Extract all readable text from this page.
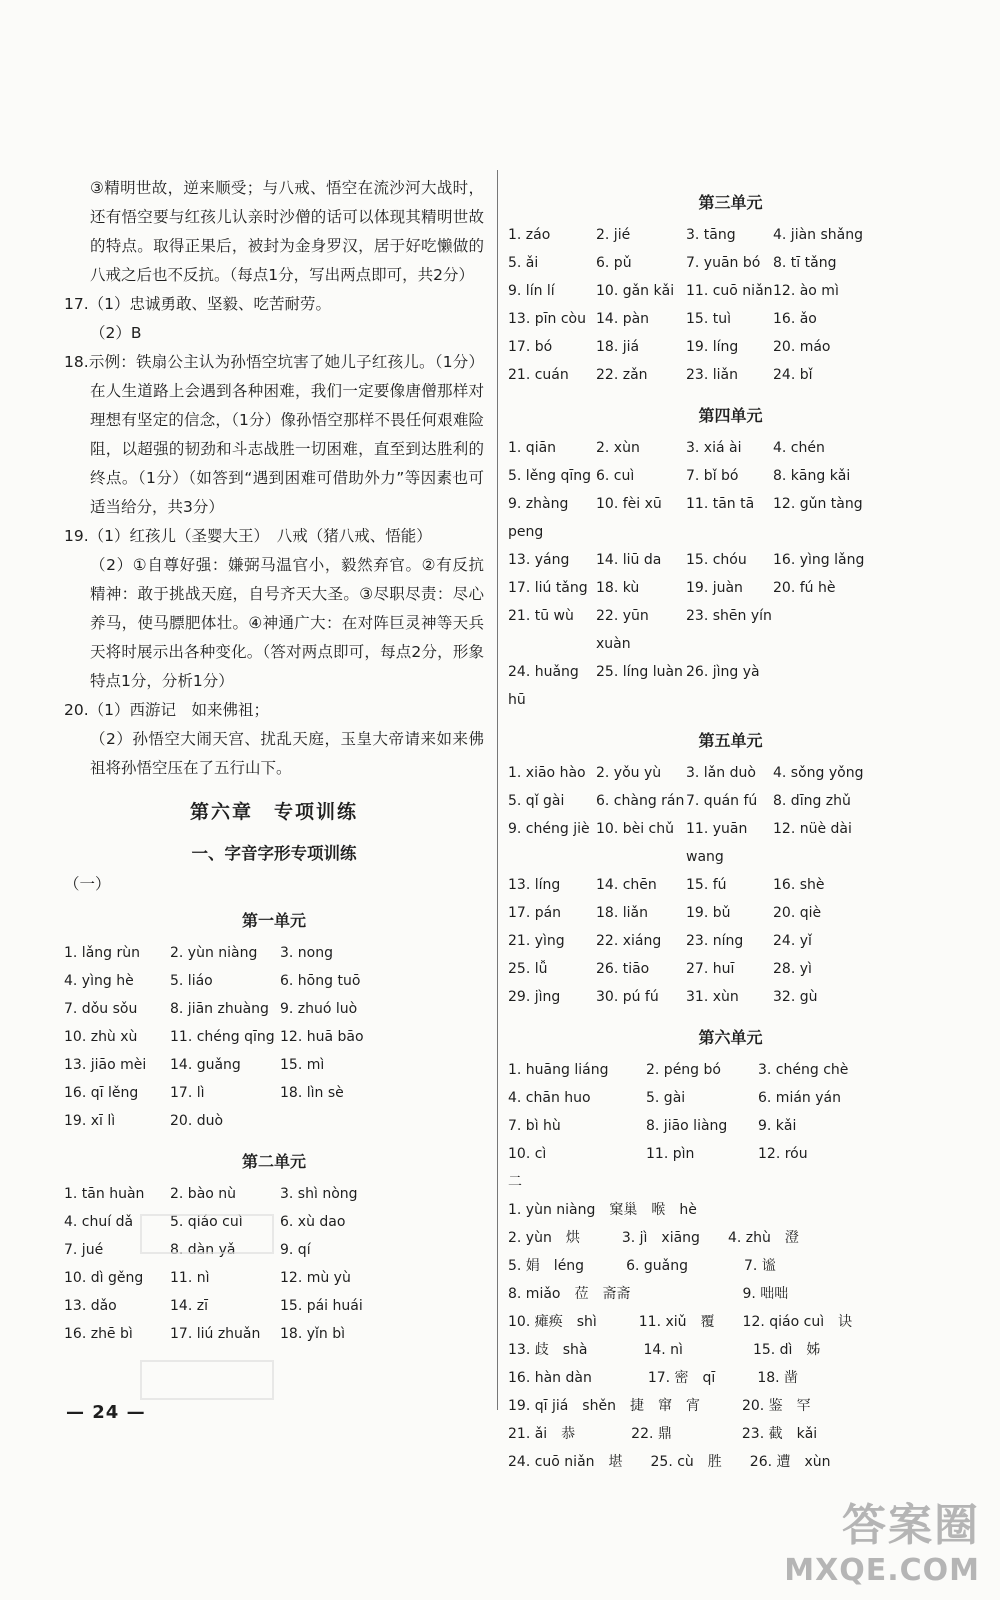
③精明世故，逆来顺受；与八戒、悟空在流沙河大战时，还有悟空要与红孩儿认亲时沙僧的话可以体现其精明世故的特点。取得正果后，被封为金身罗汉，居于好吃懒做的八戒之后也不反抗。（每点1分，写出两点即可，共2分）
17.（1）忠诚勇敢、坚毅、吃苦耐劳。
（2）B
18.示例：铁扇公主认为孙悟空坑害了她儿子红孩儿。（1分）在人生道路上会遇到各种困难，我们一定要像唐僧那样对理想有坚定的信念，（1分）像孙悟空那样不畏任何艰难险阻，以超强的韧劲和斗志战胜一切困难，直至到达胜利的终点。（1分）（如答到“遇到困难可借助外力”等因素也可适当给分，共3分）
19.（1）红孩儿（圣婴大王）　八戒（猪八戒、悟能）
（2）①自尊好强：嫌弼马温官小，毅然弃官。②有反抗精神：敢于挑战天庭，自号齐天大圣。③尽职尽责：尽心养马，使马膘肥体壮。④神通广大：在对阵巨灵神等天兵天将时展示出各种变化。（答对两点即可，每点2分，形象特点1分，分析1分）
20.（1）西游记　如来佛祖；
（2）孙悟空大闹天宫、扰乱天庭，玉皇大帝请来如来佛祖将孙悟空压在了五行山下。
第六章　专项训练
一、字音字形专项训练
（一）
第一单元
1. lǎng rùn	2. yùn niàng	3. nong
4. yìng hè	5. liáo	6. hōng tuō
7. dǒu sǒu	8. jiān zhuàng 9. zhuó luò
10. zhù xù	11. chéng qīng 12. huā bāo
13. jiāo mèi	14. guǎng	15. mì
16. qī lěng	17. lì	18. lìn sè
19. xī lì	20. duò
第二单元
1. tān huàn	2. bào nù	3. shì nòng
4. chuí dǎ	5. qiáo cuì	6. xù dao
7. jué	8. dàn yǎ	9. qí
10. dì gěng	11. nì	12. mù yù
13. dǎo	14. zī	15. pái huái
16. zhē bì	17. liú zhuǎn	18. yǐn bì
— 24 —
第三单元
1. záo	2. jié	3. tāng	4. jiàn shǎng
5. ǎi	6. pǔ	7. yuān bó 8. tī tǎng
9. lín lí	10. gǎn kǎi 11. cuō niǎn 12. ào mì
13. pīn còu 14. pàn	15. tuì	16. ǎo
17. bó	18. jiá	19. líng	20. máo
21. cuán	22. zǎn	23. liǎn	24. bǐ
第四单元
1. qiān	2. xùn	3. xiá ài	4. chén
5. lěng qīng 6. cuì	7. bǐ bó	8. kāng kǎi
9. zhàng peng
10. fèi xū	11. tān tā	12. gǔn tàng
13. yáng	14. liū da	15. chóu	16. yìng lǎng
17. liú tǎng 18. kù	19. juàn	20. fú hè
21. tū wù	22. yūn xuàn
23. shēn yín
24. huǎng hū
25. líng luàn 26. jìng yà
第五单元
1. xiāo hào 2. yǒu yù	3. lǎn duò	4. sǒng yǒng
5. qǐ gài	6. chàng rán 7. quán fú	8. dīng zhǔ
9. chéng jiè 10. bèi chǔ 11. yuān wang
12. nüè dài
13. líng	14. chēn	15. fú	16. shè
17. pán	18. liǎn	19. bǔ	20. qiè
21. yìng	22. xiáng	23. níng	24. yǐ
25. lǚ	26. tiāo	27. huī	28. yì
29. jìng	30. pú fú	31. xùn	32. gù
第六单元
1. huāng liáng	2. péng bó	3. chéng chè
4. chān huo	5. gài	6. mián yán
7. bì hù	8. jiāo liàng	9. kǎi
10. cì	11. pìn	12. róu
二
1. yùn niàng　窠巢　喉　hè
2. yùn　烘　　　3. jì　xiāng　　4. zhù　澄
5. 娟　léng　　　6. guǎng　　　　7. 谧
8. miǎo　莅　斋斋　　　　　　　　9. 咄咄
10. 瘫痪　shì　　　11. xiǔ　覆　　12. qiáo cuì　诀
13. 歧　shà　　　　14. nì　　　　　15. dì　姊
16. hàn dàn　　　　17. 密　qī　　　18. 凿
19. qī jiá　shěn　捷　窜　宵　　　20. 鉴　罕
21. ǎi　恭　　　　22. 鼎　　　　　23. 截　kǎi
24. cuō niǎn　堪　　25. cù　胜　　26. 遭　xùn
答案圈
MXQE.COM
